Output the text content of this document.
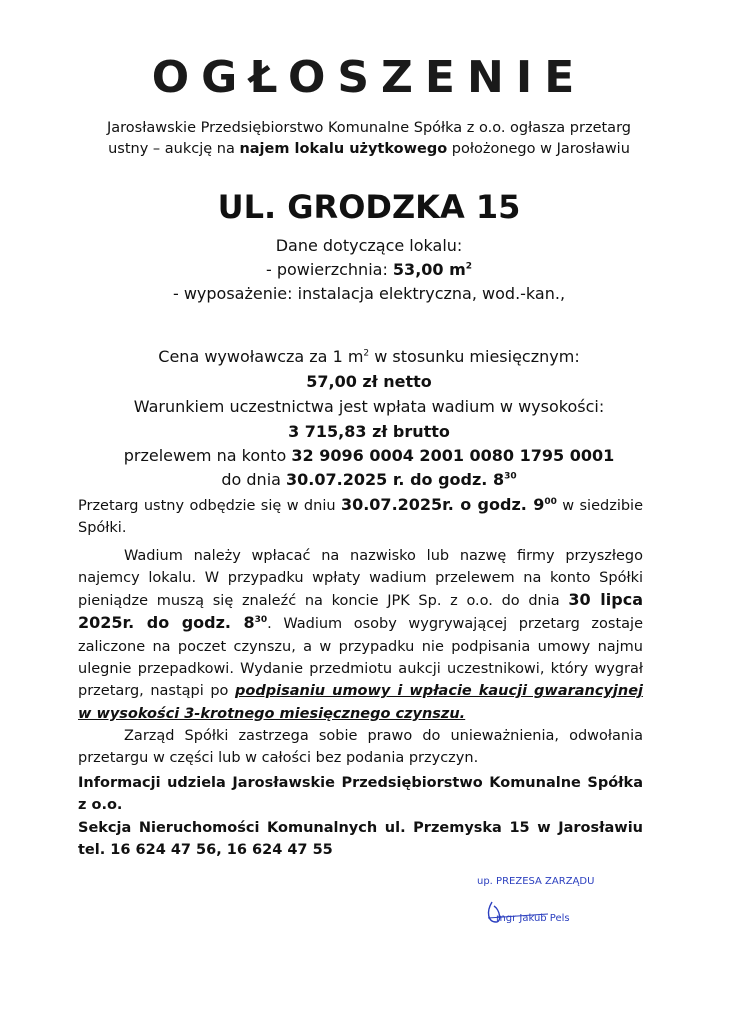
OGŁOSZENIE
Jarosławskie Przedsiębiorstwo Komunalne Spółka z o.o. ogłasza przetarg
ustny – aukcję na najem lokalu użytkowego położonego w Jarosławiu
UL. GRODZKA 15
Dane dotyczące lokalu:
- powierzchnia: 53,00 $m^2$
- wyposażenie: instalacja elektryczna, wod.-kan.,
Cena wywoławcza za 1 $m^2$ w stosunku miesięcznym:
57,00 zł netto
Warunkiem uczestnictwa jest wpłata wadium w wysokości:
3 715,83 zł brutto
przelewem na konto 32 9096 0004 2001 0080 1795 0001
do dnia 30.07.2025 r. do godz. $8^{30}$

Przetarg ustny odbędzie się w dniu 30.07.2025r. o godz. $9^{00}$ w siedzibie Spółki.

Wadium należy wpłacać na nazwisko lub nazwę firmy przyszłego najemcy lokalu. W przypadku wpłaty wadium przelewem na konto Spółki pieniądze muszą się znaleźć na koncie JPK Sp. z o.o. do dnia 30 lipca 2025r. do godz. $8^{30}$. Wadium osoby wygrywającej przetarg zostaje zaliczone na poczet czynszu, a w przypadku nie podpisania umowy najmu ulegnie przepadkowi. Wydanie przedmiotu aukcji uczestnikowi, który wygrał przetarg, nastąpi po podpisaniu umowy i wpłacie kaucji gwarancyjnej w wysokości 3-krotnego miesięcznego czynszu.

Zarząd Spółki zastrzega sobie prawo do unieważnienia, odwołania przetargu w części lub w całości bez podania przyczyn.

Informacji udziela Jarosławskie Przedsiębiorstwo Komunalne Spółka z o.o.
Sekcja Nieruchomości Komunalnych ul. Przemyska 15 w Jarosławiu
tel. 16 624 47 56, 16 624 47 55
up. PREZESA ZARZĄDU
mgr Jakub Pels
